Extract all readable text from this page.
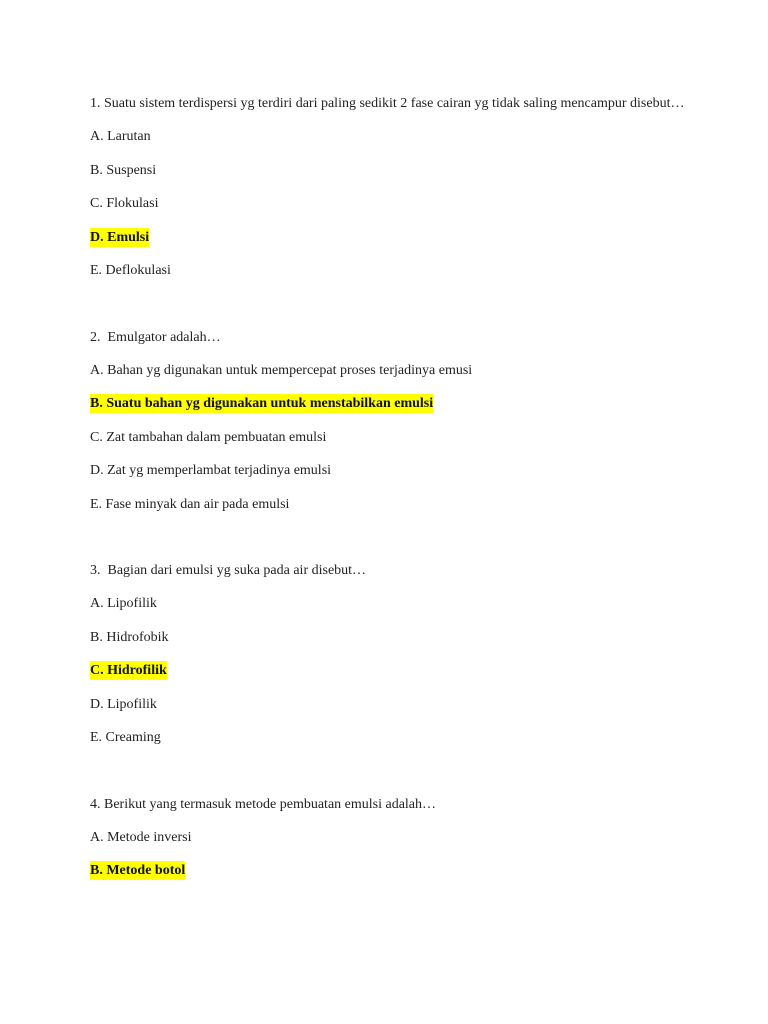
1. Suatu sistem terdispersi yg terdiri dari paling sedikit 2 fase cairan yg tidak saling mencampur disebut…
A. Larutan
B. Suspensi
C. Flokulasi
D. Emulsi
E. Deflokulasi
2.  Emulgator adalah…
A. Bahan yg digunakan untuk mempercepat proses terjadinya emusi
B. Suatu bahan yg digunakan untuk menstabilkan emulsi
C. Zat tambahan dalam pembuatan emulsi
D. Zat yg memperlambat terjadinya emulsi
E. Fase minyak dan air pada emulsi
3.  Bagian dari emulsi yg suka pada air disebut…
A. Lipofilik
B. Hidrofobik
C. Hidrofilik
D. Lipofilik
E. Creaming
4. Berikut yang termasuk metode pembuatan emulsi adalah…
A. Metode inversi
B. Metode botol
